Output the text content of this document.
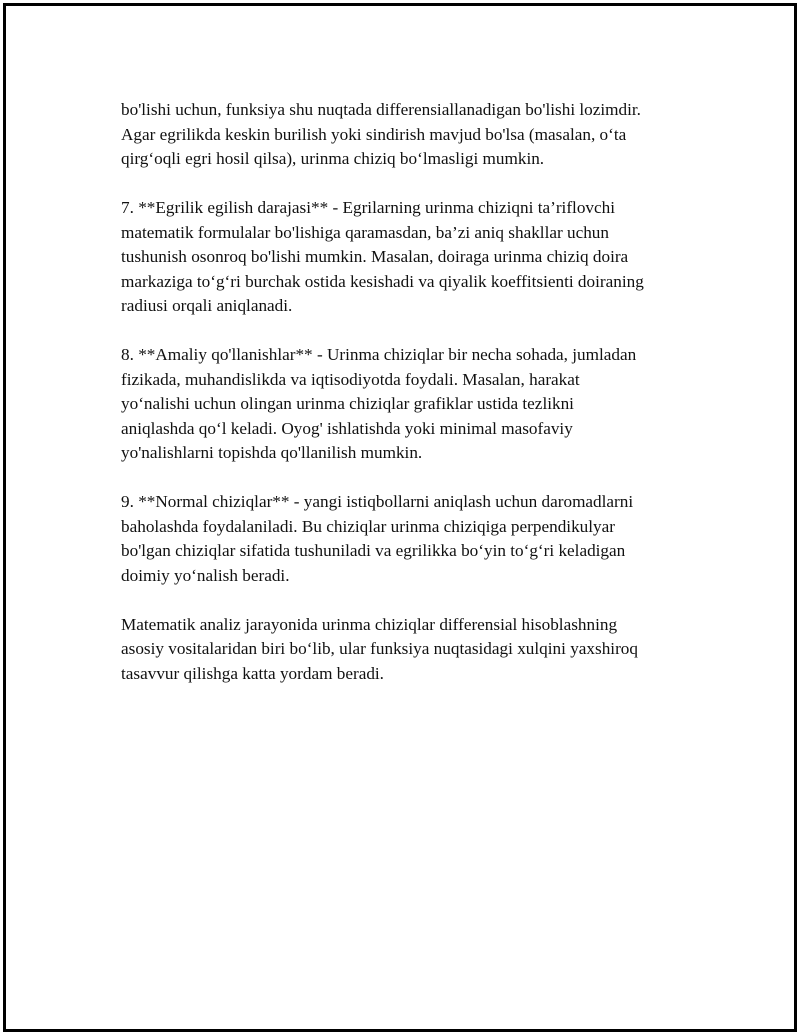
bo'lishi uchun, funksiya shu nuqtada differensiallanadigan bo'lishi lozimdir.
Agar egrilikda keskin burilish yoki sindirish mavjud bo'lsa (masalan, o‘ta
qirg‘oqli egri hosil qilsa), urinma chiziq bo‘lmasligi mumkin.

7. **Egrilik egilish darajasi** - Egrilarning urinma chiziqni ta’riflovchi
matematik formulalar bo'lishiga qaramasdan, ba’zi aniq shakllar uchun
tushunish osonroq bo'lishi mumkin. Masalan, doiraga urinma chiziq doira
markaziga to‘g‘ri burchak ostida kesishadi va qiyalik koeffitsienti doiraning
radiusi orqali aniqlanadi.

8. **Amaliy qo'llanishlar** - Urinma chiziqlar bir necha sohada, jumladan
fizikada, muhandislikda va iqtisodiyotda foydali. Masalan, harakat
yo‘nalishi uchun olingan urinma chiziqlar grafiklar ustida tezlikni
aniqlashda qo‘l keladi. Oyog' ishlatishda yoki minimal masofaviy
yo'nalishlarni topishda qo'llanilish mumkin.

9. **Normal chiziqlar** - yangi istiqbollarni aniqlash uchun daromadlarni
baholashda foydalaniladi. Bu chiziqlar urinma chiziqiga perpendikulyar
bo'lgan chiziqlar sifatida tushuniladi va egrilikka bo‘yin to‘g‘ri keladigan
doimiy yo‘nalish beradi.

Matematik analiz jarayonida urinma chiziqlar differensial hisoblashning
asosiy vositalaridan biri bo‘lib, ular funksiya nuqtasidagi xulqini yaxshiroq
tasavvur qilishga katta yordam beradi.
